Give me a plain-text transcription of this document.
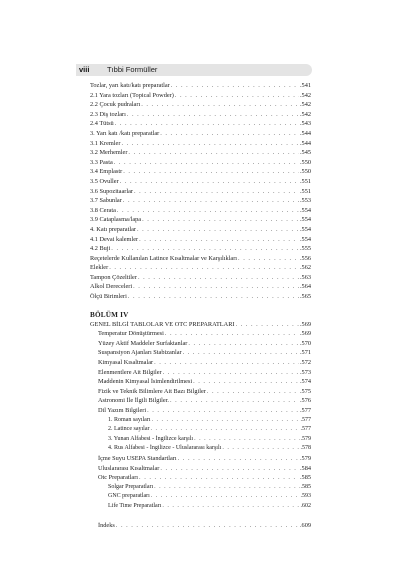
viii Tıbbi Formüller
Tozlar, yarı katı/katı preparatlar . . .	.541
2.1 Yara tozları (Topical Powder) . . .	.542
2.2 Çocuk pudraları . . .	.542
2.3 Diş tozları . . .	.542
2.4 Tütsü . . .	.543
3. Yarı katı /katı preparatlar . . .	.544
3.1 Kremler . . .	.544
3.2 Merhemler . . .	.545
3.3 Pasta . . .	.550
3.4 Emplastr . . .	.550
3.5 Ovuller . . .	.551
3.6 Supozitaarlar . . .	.551
3.7 Sabunlar . . .	.553
3.8 Cerata . . .	.554
3.9 Cataplasma/lapa . . .	.554
4. Katı preparatlar . . .	.554
4.1 Devai kalemler . . .	.554
4.2 Buji . . .	.555
Reçetelerde Kullanılan Latince Kısaltmalar ve Karşılıkları . . .	.556
Elekler . . .	.562
Tampon Çözeltiler . . .	.563
Alkol Dereceleri . . .	.564
Ölçü Birimleri . . .	.565
BÖLÜM IV
GENEL BİLGİ TABLOLAR VE OTC PREPARATLARI . . .	.569
Temperatur Dönüştürmesi . . .	.569
Yüzey Aktif Maddeler Surfaktanlar . . .	.570
Suspansiyon Ajanları Stabizanlar . . .	.571
Kimyasal Kısaltmalar . . .	.572
Elenmentlere Ait Bilgiler . . .	.573
Maddenin Kimyasal İsimlendirilmesi . . .	.574
Fizik ve Teknik Bilimlere Ait Bazı Bilgiler . . .	.575
Astronomi İle İlgili Bilgiler. . . .	.576
Dil Yazım Bilgileri . . .	.577
1. Roman sayıları . . .	.577
2. Latince sayılar . . .	.577
3. Yunan Alfabesi - İngilizce karşılı . . .	.579
4. Rus Alfabesi - İngilizce - Uluslararası karşılı . . .	.578
İçme Suyu USEPA Standartları . . .	.579
Uluslararası Kısaltmalar . . .	.584
Otc Preparatları . . .	.585
Solgar Preparatları . . .	.585
GNC preparatları . . .	.593
Life Time Preparatları . . .	.602
İndeks . . .	.609
